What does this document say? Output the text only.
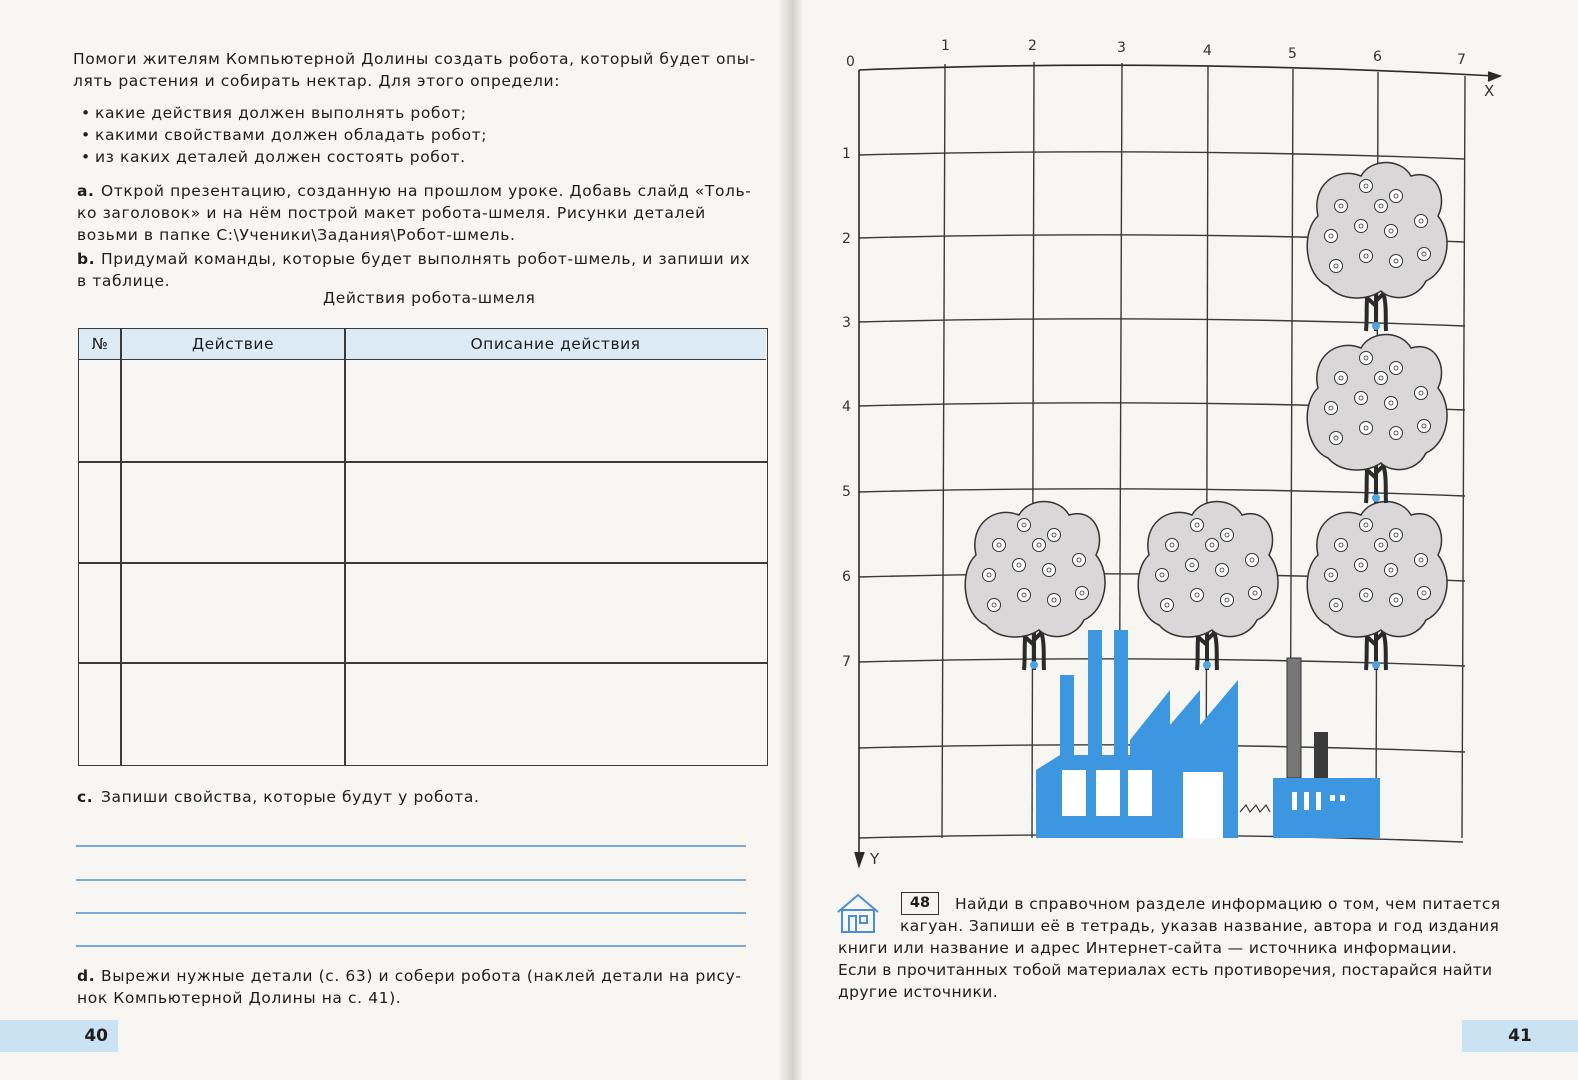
Помоги жителям Компьютерной Долины создать робота, который будет опы-
лять растения и собирать нектар. Для этого определи:
• какие действия должен выполнять робот;
• какими свойствами должен обладать робот;
• из каких деталей должен состоять робот.
a. Открой презентацию, созданную на прошлом уроке. Добавь слайд «Толь-
ко заголовок» и на нём построй макет робота-шмеля. Рисунки деталей
возьми в папке С:\Ученики\Задания\Робот-шмель.
b. Придумай команды, которые будет выполнять робот-шмель, и запиши их
в таблице.
Действия робота-шмеля
№	Действие	Описание действия
c. Запиши свойства, которые будут у робота.
d. Вырежи нужные детали (с. 63) и собери робота (наклей детали на рису-
нок Компьютерной Долины на с. 41).
40
0
1	2	3	4	5	6	7
X
1
2
3
4
5
6
7
Y
48	Найди в справочном разделе информацию о том, чем питается
кагуан. Запиши её в тетрадь, указав название, автора и год издания
книги или название и адрес Интернет-сайта — источника информации.
Если в прочитанных тобой материалах есть противоречия, постарайся найти
другие источники.
41
